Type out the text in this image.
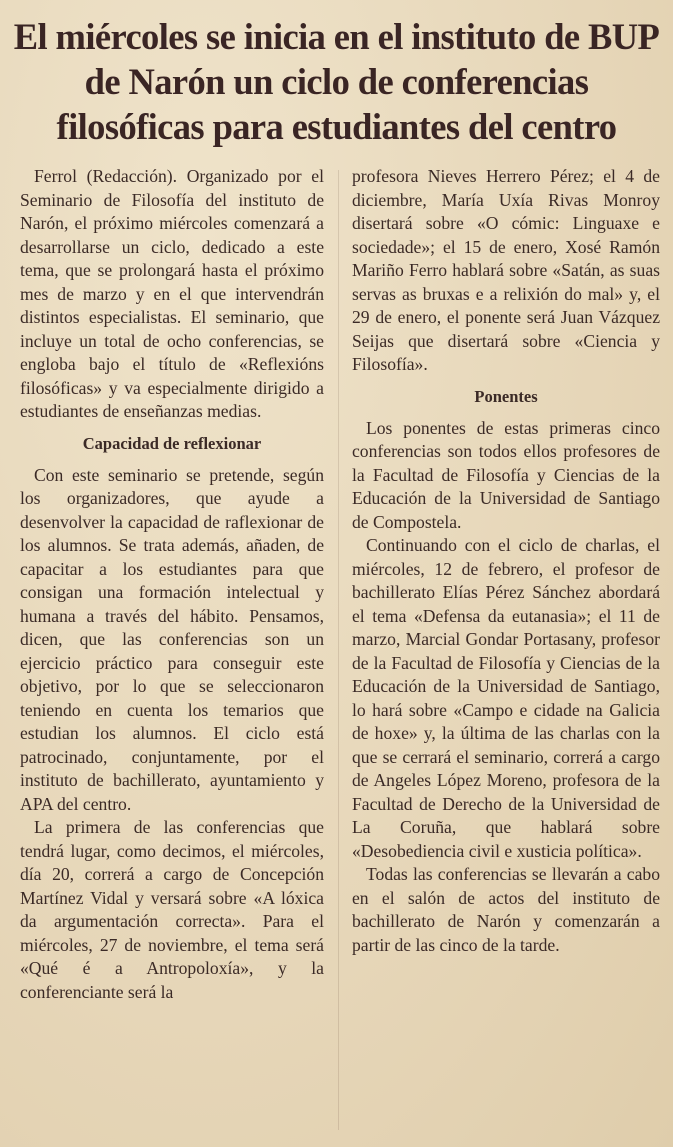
El miércoles se inicia en el instituto de BUP de Narón un ciclo de conferencias filosóficas para estudiantes del centro

Ferrol (Redacción). Organizado por el Seminario de Filosofía del instituto de Narón, el próximo miércoles comenzará a desarrollarse un ciclo, dedicado a este tema, que se prolongará hasta el próximo mes de marzo y en el que intervendrán distintos especialistas. El seminario, que incluye un total de ocho conferencias, se engloba bajo el título de «Reflexións filosóficas» y va especialmente dirigido a estudiantes de enseñanzas medias.

Capacidad de reflexionar

Con este seminario se pretende, según los organizadores, que ayude a desenvolver la capacidad de raflexionar de los alumnos. Se trata además, añaden, de capacitar a los estudiantes para que consigan una formación intelectual y humana a través del hábito. Pensamos, dicen, que las conferencias son un ejercicio práctico para conseguir este objetivo, por lo que se seleccionaron teniendo en cuenta los temarios que estudian los alumnos. El ciclo está patrocinado, conjuntamente, por el instituto de bachillerato, ayuntamiento y APA del centro.

La primera de las conferencias que tendrá lugar, como decimos, el miércoles, día 20, correrá a cargo de Concepción Martínez Vidal y versará sobre «A lóxica da argumentación correcta». Para el miércoles, 27 de noviembre, el tema será «Qué é a Antropoloxía», y la conferenciante será la

profesora Nieves Herrero Pérez; el 4 de diciembre, María Uxía Rivas Monroy disertará sobre «O cómic: Linguaxe e sociedade»; el 15 de enero, Xosé Ramón Mariño Ferro hablará sobre «Satán, as suas servas as bruxas e a relixión do mal» y, el 29 de enero, el ponente será Juan Vázquez Seijas que disertará sobre «Ciencia y Filosofía».

Ponentes

Los ponentes de estas primeras cinco conferencias son todos ellos profesores de la Facultad de Filosofía y Ciencias de la Educación de la Universidad de Santiago de Compostela.

Continuando con el ciclo de charlas, el miércoles, 12 de febrero, el profesor de bachillerato Elías Pérez Sánchez abordará el tema «Defensa da eutanasia»; el 11 de marzo, Marcial Gondar Portasany, profesor de la Facultad de Filosofía y Ciencias de la Educación de la Universidad de Santiago, lo hará sobre «Campo e cidade na Galicia de hoxe» y, la última de las charlas con la que se cerrará el seminario, correrá a cargo de Angeles López Moreno, profesora de la Facultad de Derecho de la Universidad de La Coruña, que hablará sobre «Desobediencia civil e xusticia política».

Todas las conferencias se llevarán a cabo en el salón de actos del instituto de bachillerato de Narón y comenzarán a partir de las cinco de la tarde.
